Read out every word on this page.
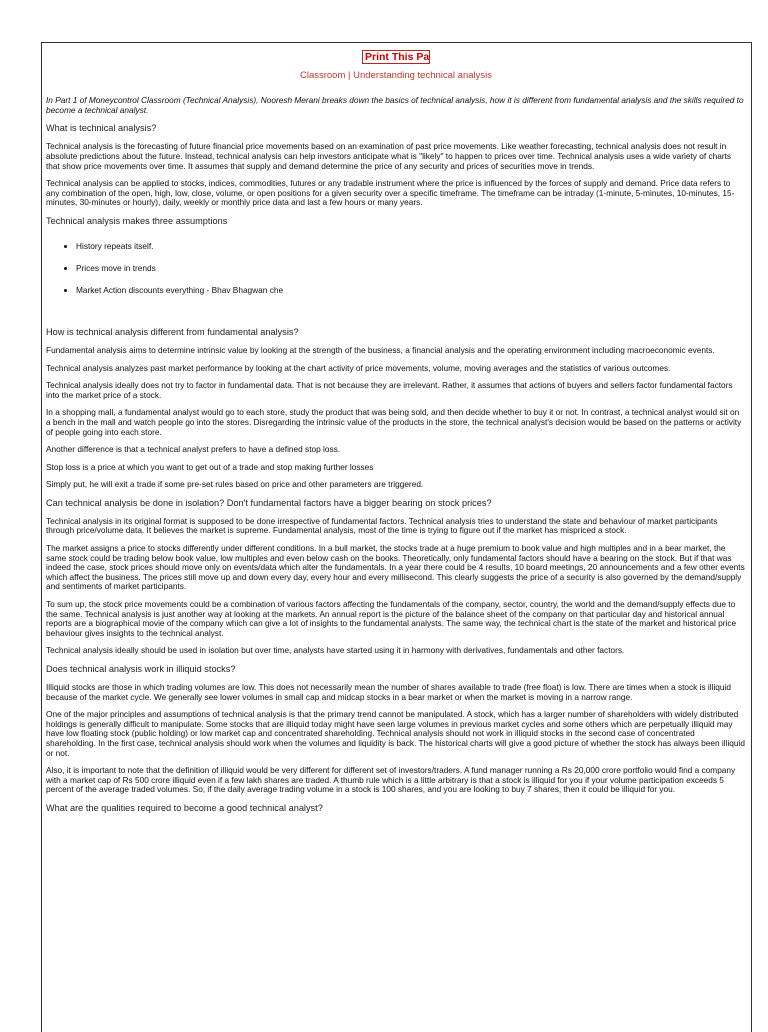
Print This Pa
Classroom | Understanding technical analysis

In Part 1 of Moneycontrol Classroom (Technical Analysis), Nooresh Merani breaks down the basics of technical analysis, how it is different from fundamental analysis and the skills required to become a technical analyst.

What is technical analysis?

Technical analysis is the forecasting of future financial price movements based on an examination of past price movements. Like weather forecasting, technical analysis does not result in absolute predictions about the future. Instead, technical analysis can help investors anticipate what is "likely" to happen to prices over time. Technical analysis uses a wide variety of charts that show price movements over time. It assumes that supply and demand determine the price of any security and prices of securities move in trends.

Technical analysis can be applied to stocks, indices, commodities, futures or any tradable instrument where the price is influenced by the forces of supply and demand. Price data refers to any combination of the open, high, low, close, volume, or open positions for a given security over a specific timeframe. The timeframe can be intraday (1-minute, 5-minutes, 10-minutes, 15-minutes, 30-minutes or hourly), daily, weekly or monthly price data and last a few hours or many years.

Technical analysis makes three assumptions

• History repeats itself.
• Prices move in trends
• Market Action discounts everything - Bhav Bhagwan che

How is technical analysis different from fundamental analysis?

Fundamental analysis aims to determine intrinsic value by looking at the strength of the business, a financial analysis and the operating environment including macroeconomic events.

Technical analysis analyzes past market performance by looking at the chart activity of price movements, volume, moving averages and the statistics of various outcomes.

Technical analysis ideally does not try to factor in fundamental data. That is not because they are irrelevant. Rather, it assumes that actions of buyers and sellers factor fundamental factors into the market price of a stock.

In a shopping mall, a fundamental analyst would go to each store, study the product that was being sold, and then decide whether to buy it or not. In contrast, a technical analyst would sit on a bench in the mall and watch people go into the stores. Disregarding the intrinsic value of the products in the store, the technical analyst's decision would be based on the patterns or activity of people going into each store.

Another difference is that a technical analyst prefers to have a defined stop loss.

Stop loss is a price at which you want to get out of a trade and stop making further losses

Simply put, he will exit a trade if some pre-set rules based on price and other parameters are triggered.

Can technical analysis be done in isolation? Don't fundamental factors have a bigger bearing on stock prices?

Technical analysis in its original format is supposed to be done irrespective of fundamental factors. Technical analysis tries to understand the state and behaviour of market participants through price/volume data. It believes the market is supreme. Fundamental analysis, most of the time is trying to figure out if the market has mispriced a stock.

The market assigns a price to stocks differently under different conditions. In a bull market, the stocks trade at a huge premium to book value and high multiples and in a bear market, the same stock could be trading below book value, low multiples and even below cash on the books. Theoretically, only fundamental factors should have a bearing on the stock. But if that was indeed the case, stock prices should move only on events/data which alter the fundamentals. In a year there could be 4 results, 10 board meetings, 20 announcements and a few other events which affect the business. The prices still move up and down every day, every hour and every millisecond. This clearly suggests the price of a security is also governed by the demand/supply and sentiments of market participants.

To sum up, the stock price movements could be a combination of various factors affecting the fundamentals of the company, sector, country, the world and the demand/supply effects due to the same. Technical analysis is just another way at looking at the markets. An annual report is the picture of the balance sheet of the company on that particular day and historical annual reports are a biographical movie of the company which can give a lot of insights to the fundamental analysts. The same way, the technical chart is the state of the market and historical price behaviour gives insights to the technical analyst.

Technical analysis ideally should be used in isolation but over time, analysts have started using it in harmony with derivatives, fundamentals and other factors.

Does technical analysis work in illiquid stocks?

Illiquid stocks are those in which trading volumes are low. This does not necessarily mean the number of shares available to trade (free float) is low. There are times when a stock is illiquid because of the market cycle. We generally see lower volumes in small cap and midcap stocks in a bear market or when the market is moving in a narrow range.

One of the major principles and assumptions of technical analysis is that the primary trend cannot be manipulated. A stock, which has a larger number of shareholders with widely distributed holdings is generally difficult to manipulate. Some stocks that are illiquid today might have seen large volumes in previous market cycles and some others which are perpetually illiquid may have low floating stock (public holding) or low market cap and concentrated shareholding. Technical analysis should not work in illiquid stocks in the second case of concentrated shareholding. In the first case, technical analysis should work when the volumes and liquidity is back. The historical charts will give a good picture of whether the stock has always been illiquid or not.

Also, it is important to note that the definition of illiquid would be very different for different set of investors/traders. A fund manager running a Rs 20,000 crore portfolio would find a company with a market cap of Rs 500 crore illiquid even if a few lakh shares are traded. A thumb rule which is a little arbitrary is that a stock is illiquid for you if your volume participation exceeds 5 percent of the average traded volumes. So, if the daily average trading volume in a stock is 100 shares, and you are looking to buy 7 shares, then it could be illiquid for you.

What are the qualities required to become a good technical analyst?
